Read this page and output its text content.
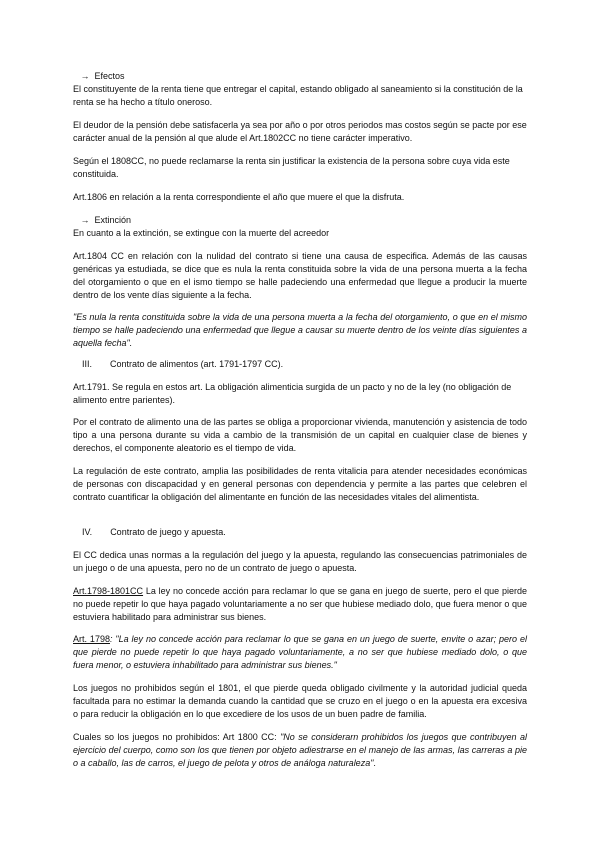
→ Efectos

El constituyente de la renta tiene que entregar el capital, estando obligado al saneamiento si la constitución de la renta se ha hecho a título oneroso.

El deudor de la pensión debe satisfacerla ya sea por año o por otros periodos mas costos según se pacte por ese carácter anual de la pensión al que alude el Art.1802CC no tiene carácter imperativo.

Según el 1808CC, no puede reclamarse la renta sin justificar la existencia de la persona sobre cuya vida este constituida.

Art.1806 en relación a la renta correspondiente el año que muere el que la disfruta.

→ Extinción

En cuanto a la extinción, se extingue con la muerte del acreedor

Art.1804 CC en relación con la nulidad del contrato si tiene una causa de especifica. Además de las causas genéricas ya estudiada, se dice que es nula la renta constituida sobre la vida de una persona muerta a la fecha del otorgamiento o que en el ismo tiempo se halle padeciendo una enfermedad que llegue a producir la muerte dentro de los vente días siguiente a la fecha.

"Es nula la renta constituida sobre la vida de una persona muerta a la fecha del otorgamiento, o que en el mismo tiempo se halle padeciendo una enfermedad que llegue a causar su muerte dentro de los veinte días siguientes a aquella fecha".

III. Contrato de alimentos (art. 1791-1797 CC).

Art.1791. Se regula en estos art. La obligación alimenticia surgida de un pacto y no de la ley (no obligación de alimento entre parientes).

Por el contrato de alimento una de las partes se obliga a proporcionar vivienda, manutención y asistencia de todo tipo a una persona durante su vida a cambio de la transmisión de un capital en cualquier clase de bienes y derechos, el componente aleatorio es el tiempo de vida.

La regulación de este contrato, amplia las posibilidades de renta vitalicia para atender necesidades económicas de personas con discapacidad y en general personas con dependencia y permite a las partes que celebren el contrato cuantificar la obligación del alimentante en función de las necesidades vitales del alimentista.

IV. Contrato de juego y apuesta.

El CC dedica unas normas a la regulación del juego y la apuesta, regulando las consecuencias patrimoniales de un juego o de una apuesta, pero no de un contrato de juego o apuesta.

Art.1798-1801CC La ley no concede acción para reclamar lo que se gana en juego de suerte, pero el que pierde no puede repetir lo que haya pagado voluntariamente a no ser que hubiese mediado dolo, que fuera menor o que estuviera habilitado para administrar sus bienes.

Art. 1798: "La ley no concede acción para reclamar lo que se gana en un juego de suerte, envite o azar; pero el que pierde no puede repetir lo que haya pagado voluntariamente, a no ser que hubiese mediado dolo, o que fuera menor, o estuviera inhabilitado para administrar sus bienes."

Los juegos no prohibidos según el 1801, el que pierde queda obligado civilmente y la autoridad judicial queda facultada para no estimar la demanda cuando la cantidad que se cruzo en el juego o en la apuesta era excesiva o para reducir la obligación en lo que excediere de los usos de un buen padre de familia.

Cuales so los juegos no prohibidos: Art 1800 CC: "No se considerarn prohibidos los juegos que contribuyen al ejercicio del cuerpo, como son los que tienen por objeto adiestrarse en el manejo de las armas, las carreras a pie o a caballo, las de carros, el juego de pelota y otros de análoga naturaleza".
